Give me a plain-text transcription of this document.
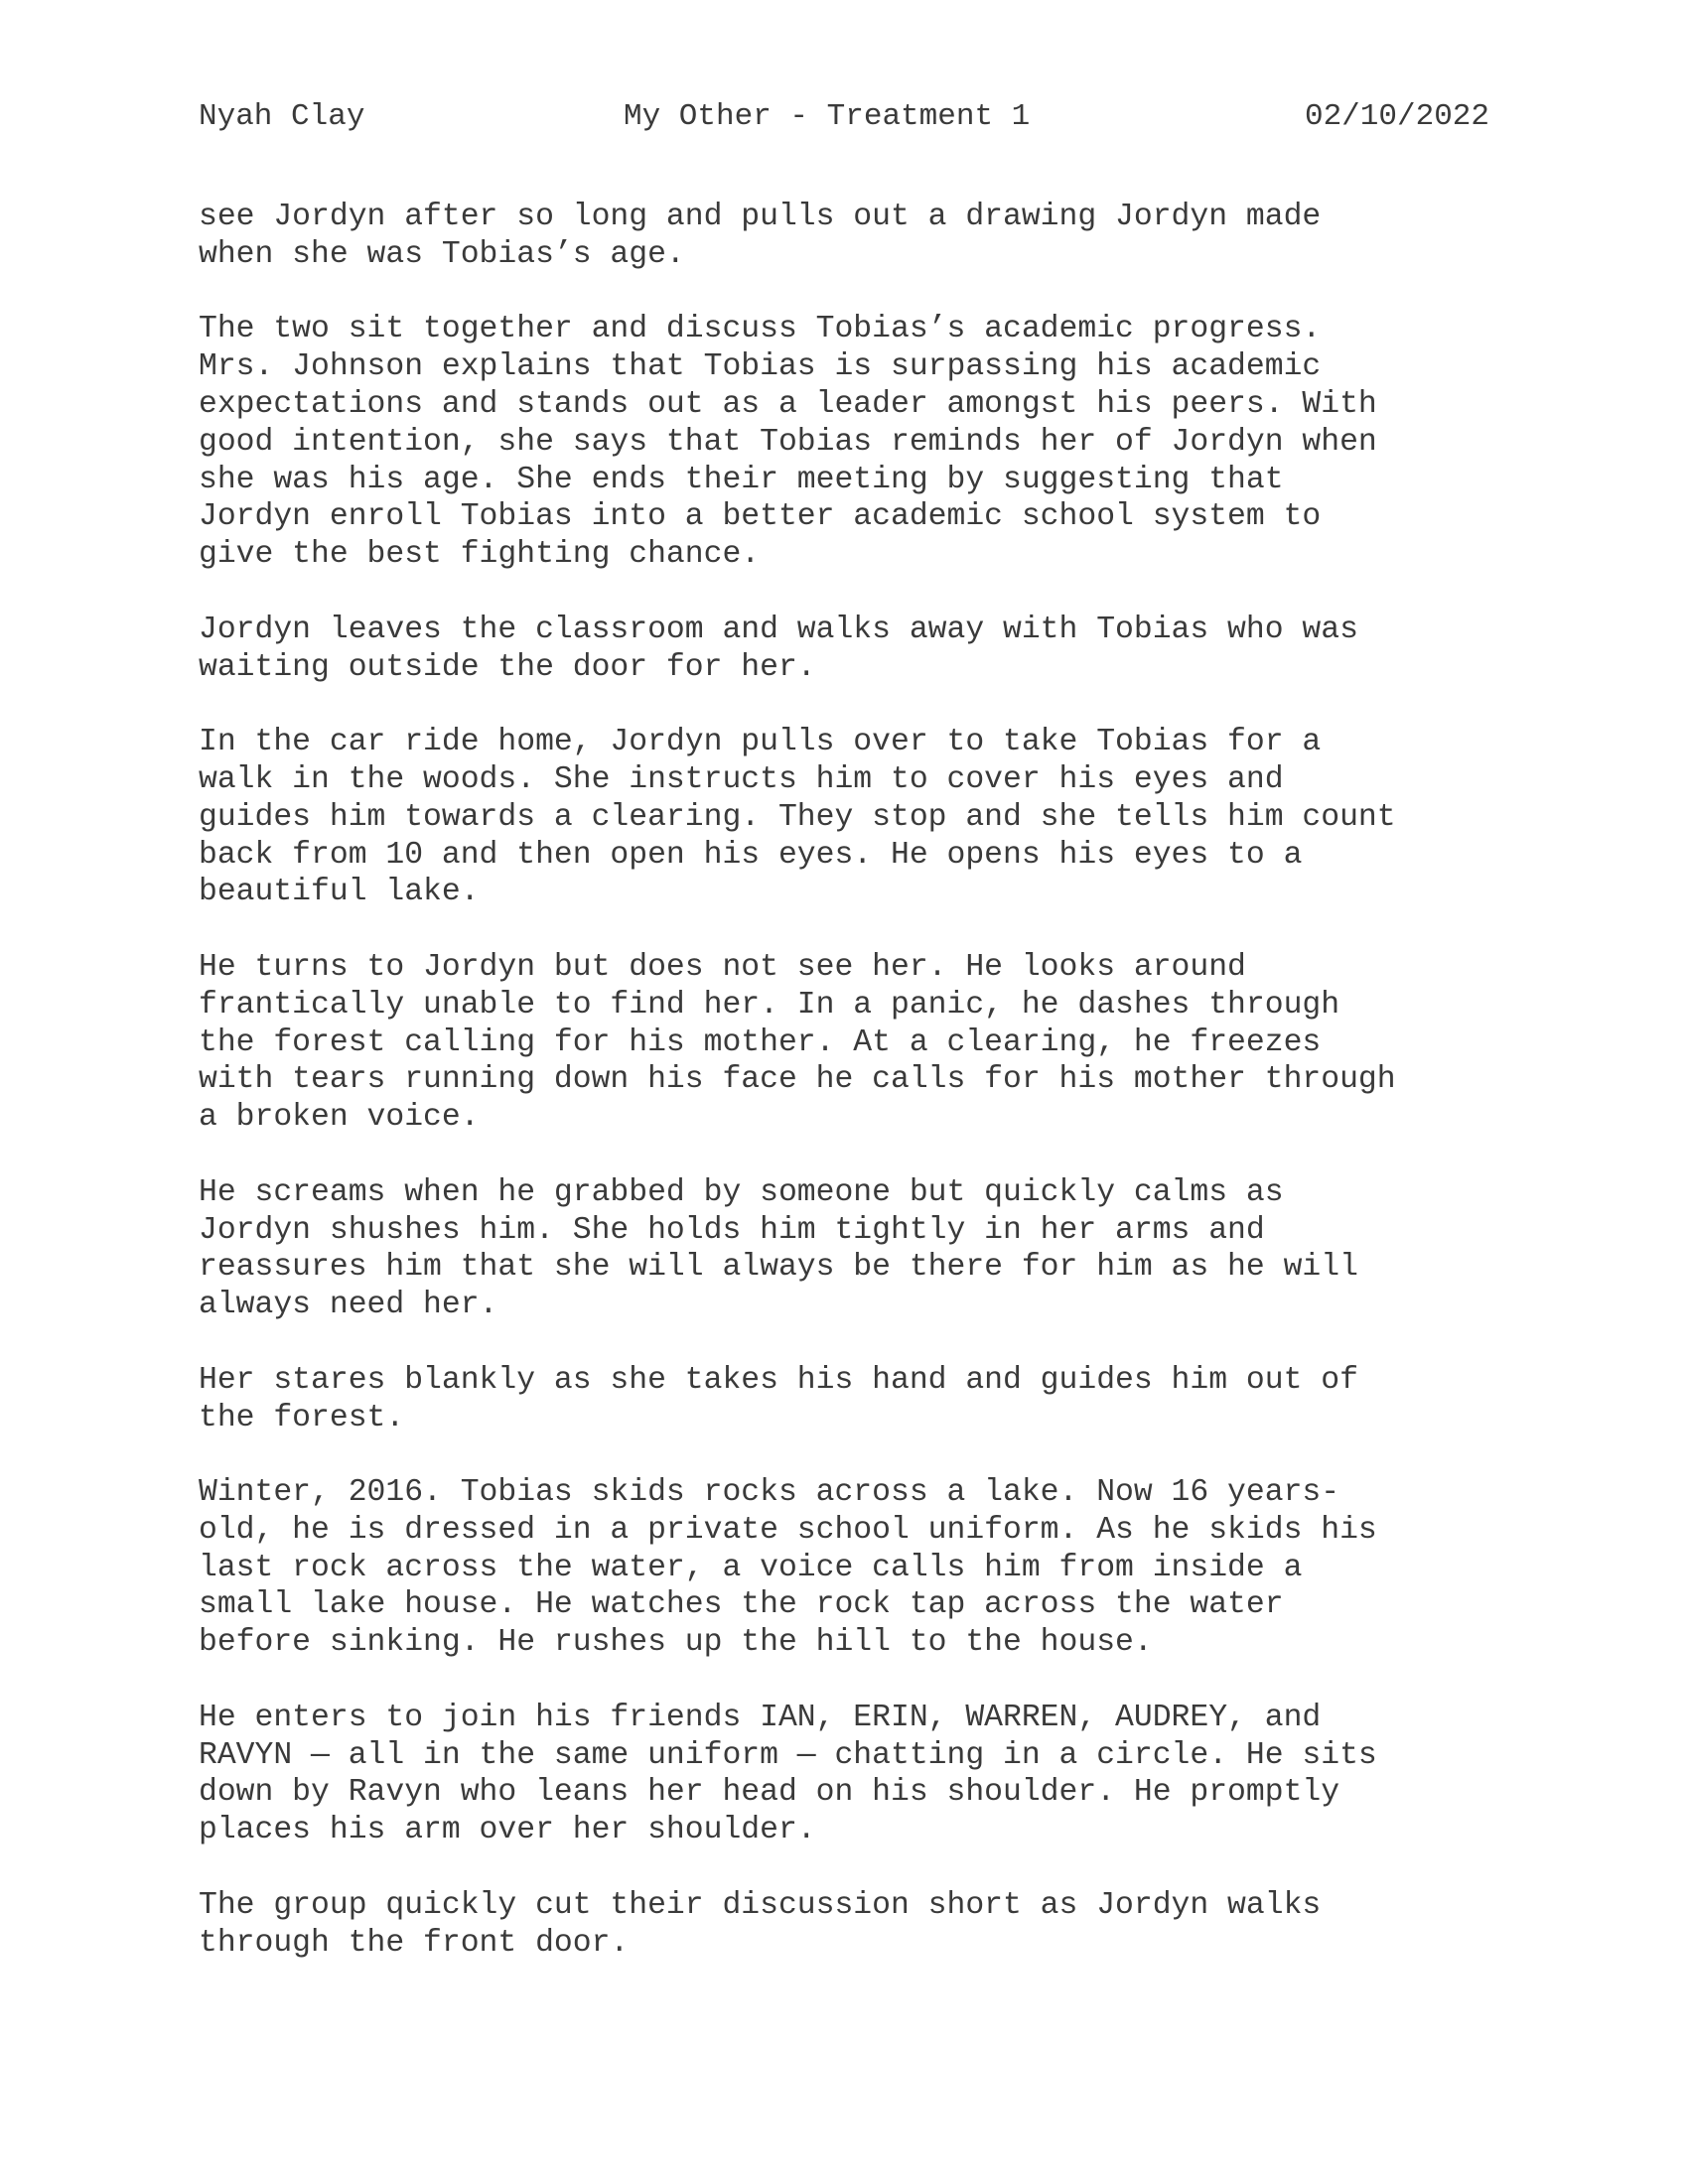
Nyah Clay	My Other - Treatment 1	02/10/2022

see Jordyn after so long and pulls out a drawing Jordyn made
when she was Tobias’s age.

The two sit together and discuss Tobias’s academic progress.
Mrs. Johnson explains that Tobias is surpassing his academic
expectations and stands out as a leader amongst his peers. With
good intention, she says that Tobias reminds her of Jordyn when
she was his age. She ends their meeting by suggesting that
Jordyn enroll Tobias into a better academic school system to
give the best fighting chance.

Jordyn leaves the classroom and walks away with Tobias who was
waiting outside the door for her.

In the car ride home, Jordyn pulls over to take Tobias for a
walk in the woods. She instructs him to cover his eyes and
guides him towards a clearing. They stop and she tells him count
back from 10 and then open his eyes. He opens his eyes to a
beautiful lake.

He turns to Jordyn but does not see her. He looks around
frantically unable to find her. In a panic, he dashes through
the forest calling for his mother. At a clearing, he freezes
with tears running down his face he calls for his mother through
a broken voice.

He screams when he grabbed by someone but quickly calms as
Jordyn shushes him. She holds him tightly in her arms and
reassures him that she will always be there for him as he will
always need her.

Her stares blankly as she takes his hand and guides him out of
the forest.

Winter, 2016. Tobias skids rocks across a lake. Now 16 years-
old, he is dressed in a private school uniform. As he skids his
last rock across the water, a voice calls him from inside a
small lake house. He watches the rock tap across the water
before sinking. He rushes up the hill to the house.

He enters to join his friends IAN, ERIN, WARREN, AUDREY, and
RAVYN — all in the same uniform — chatting in a circle. He sits
down by Ravyn who leans her head on his shoulder. He promptly
places his arm over her shoulder.

The group quickly cut their discussion short as Jordyn walks
through the front door.
